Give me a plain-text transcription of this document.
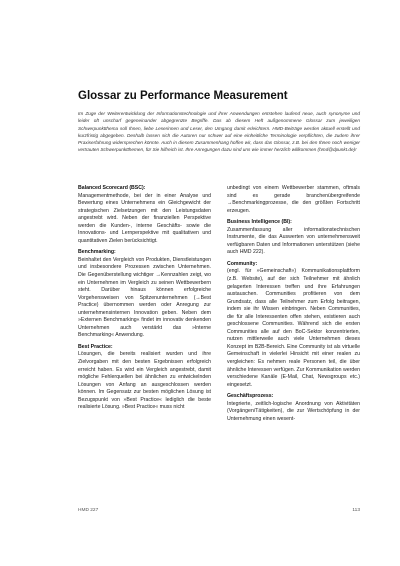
Glossar zu Performance Measurement

Im Zuge der Weiterentwicklung der Informationstechnologie und ihrer Anwendungen entstehen laufend neue, auch synonyme und leider oft unscharf gegeneinander abgegrenzte Begriffe. Das ab diesem Heft außgenommene Glossar zum jeweiligen Schwerpunktthema soll Ihnen, liebe Leserinnen und Leser, den Umgang damit erleichtern. HMD-Beiträge werden aktuell erstellt und kurzfristig abgegeben. Deshalb lassen sich die Autoren nur schwer auf eine einheitliche Terminologie verpflichten, die zudem ihrer Praxiserfahrung widersprechen könnte. Auch in diesem Zusammenhang hoffen wir, dass das Glossar, z.B. bei den Ihnen noch weniger vertrauten Schwerpunktthemen, für Sie hilfreich ist. Ihre Anregungen dazu sind uns wie immer herzlich willkommen (hmd@dpunkt.de)!

Balanced Scorecard (BSC):
Managementmethode, bei der in einer Analyse und Bewertung eines Unternehmens ein Gleichgewicht der strategischen Zielsetzungen mit den Leistungsdaten angestrebt wird. Neben der finanziellen Perspektive werden die Kunden-, interne Geschäfts- sowie die Innovations- und Lernperspektive mit qualitativen und quantitativen Zielen berücksichtigt.
Benchmarking:
Beinhaltet den Vergleich von Produkten, Dienstleistungen und insbesondere Prozessen zwischen Unternehmen. Die Gegenüberstellung wichtiger →Kennzahlen zeigt, wo ein Unternehmen im Vergleich zu seinen Wettbewerbern steht. Darüber hinaus können erfolgreiche Vorgehensweisen von Spitzenunternehmen (→Best Practice) übernommen werden oder Anregung zur unternehmensinternen Innovation geben. Neben dem »Externen Benchmarking« findet im innovativ denkenden Unternehmen auch verstärkt das »Interne Benchmarking« Anwendung.
Best Practice:
Lösungen, die bereits realisiert wurden und ihre Zielvorgaben mit den besten Ergebnissen erfolgreich erreicht haben. Es wird ein Vergleich angestrebt, damit mögliche Fehlerquellen bei ähnlichen zu entwickelnden Lösungen von Anfang an ausgeschlossen werden können. Im Gegensatz zur besten möglichen Lösung ist Bezugspunkt von »Best Practice« lediglich die beste realisierte Lösung. »Best Practice« muss nicht
unbedingt von einem Wettbewerber stammen, oftmals sind es gerade branchenübergreifende →Benchmarkingprozesse, die den größten Fortschritt erzeugen.
Business Intelligence (BI):
Zusammenfassung aller informationstechnischen Instrumente, die das Auswerten von unternehmensweit verfügbaren Daten und Informationen unterstützen (siehe auch HMD 222).
Community:
(engl. für »Gemeinschaft«) Kommunikationsplattform (z.B. Website), auf der sich Teilnehmer mit ähnlich gelagerten Interessen treffen und ihre Erfahrungen austauschen. Communities profitieren von dem Grundsatz, dass alle Teilnehmer zum Erfolg beitragen, indem sie ihr Wissen einbringen. Neben Communities, die für alle Interessenten offen stehen, existieren auch geschlossene Communities. Während sich die ersten Communities alle auf den BoC-Sektor konzentrierten, nutzen mittlerweile auch viele Unternehmen dieses Konzept im B2B-Bereich. Eine Community ist als virtuelle Gemeinschaft in vielerlei Hinsicht mit einer realen zu vergleichen: Es nehmen reale Personen teil, die über ähnliche Interessen verfügen. Zur Kommunikation werden verschiedene Kanäle (E-Mail, Chat, Newsgroups etc.) eingesetzt.
Geschäftsprozess:
Integrierte, zeitlich-logische Anordnung von Aktivitäten (Vorgängen/Tätigkeiten), die zur Wertschöpfung in der Unternehmung einen wesent-
HMD 227	113
